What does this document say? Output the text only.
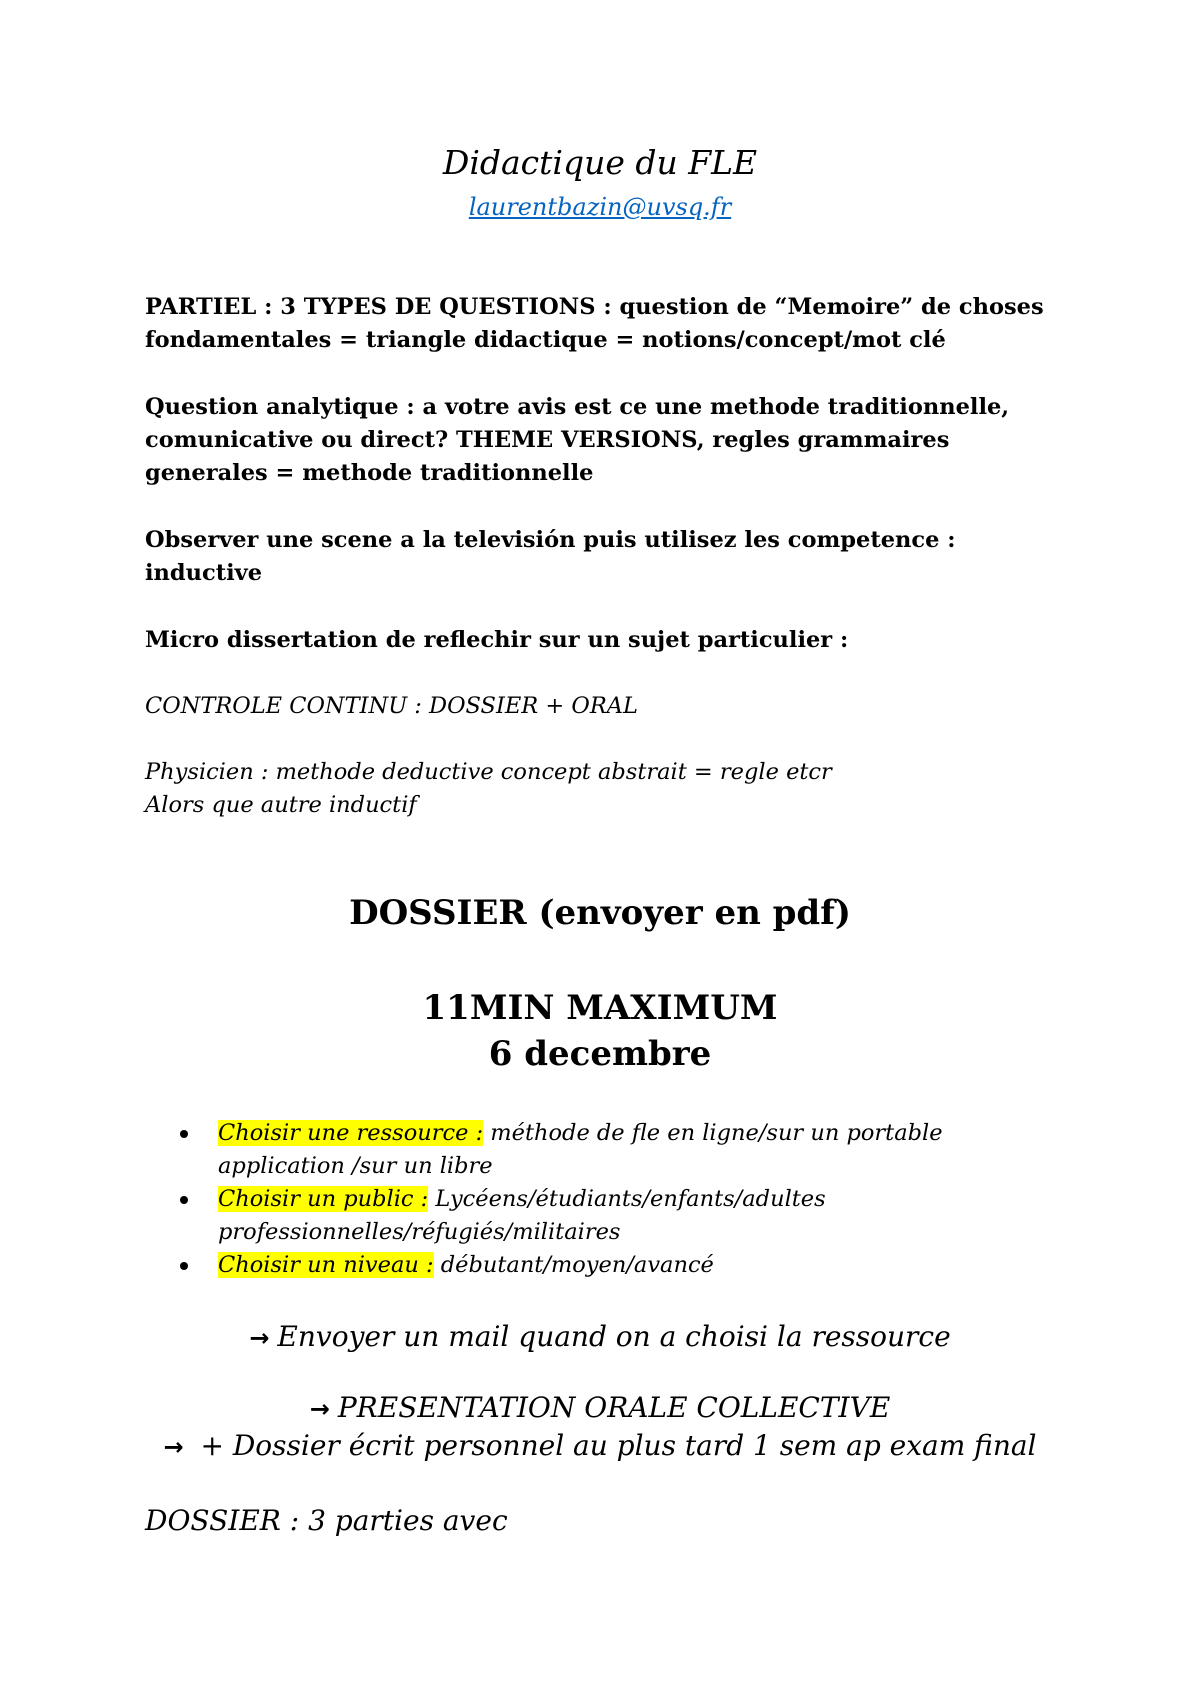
Didactique du FLE
laurentbazin@uvsq.fr
PARTIEL : 3 TYPES DE QUESTIONS : question de “Memoire” de choses
fondamentales = triangle didactique = notions/concept/mot clé
Question analytique : a votre avis est ce une methode traditionnelle,
comunicative ou direct? THEME VERSIONS, regles grammaires
generales = methode traditionnelle
Observer une scene a la televisión puis utilisez les competence :
inductive
Micro dissertation de reflechir sur un sujet particulier :
CONTROLE CONTINU : DOSSIER + ORAL
Physicien : methode deductive concept abstrait = regle etcr
Alors que autre inductif
DOSSIER (envoyer en pdf)
11MIN MAXIMUM
6 decembre
Choisir une ressource : méthode de fle en ligne/sur un portable
application /sur un libre
Choisir un public : Lycéens/étudiants/enfants/adultes
professionnelles/réfugiés/militaires
Choisir un niveau : débutant/moyen/avancé
→ Envoyer un mail quand on a choisi la ressource
→ PRESENTATION ORALE COLLECTIVE
→ + Dossier écrit personnel au plus tard 1 sem ap exam final
DOSSIER : 3 parties avec
